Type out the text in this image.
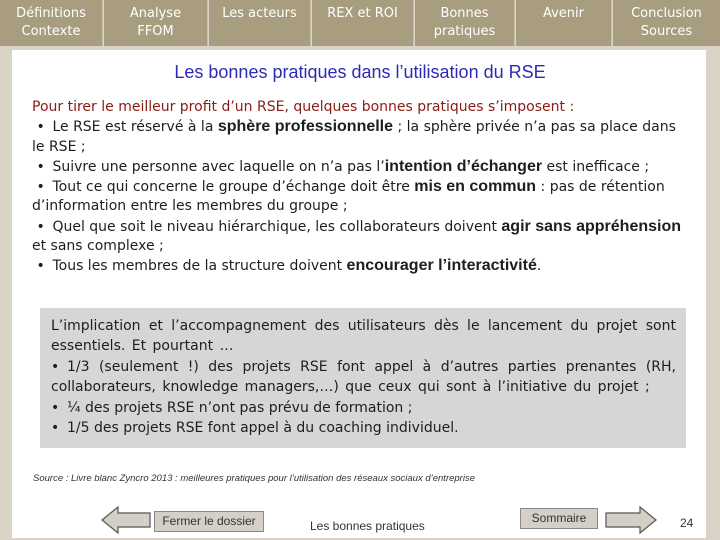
Définitions
Contexte
Analyse
FFOM
Les acteurs	REX et ROI	Bonnes
pratiques
Avenir	Conclusion
Sources
Les bonnes pratiques dans l’utilisation du RSE
Pour tirer le meilleur profit d’un RSE, quelques bonnes pratiques s’imposent :
• Le RSE est réservé à la sphère professionnelle ; la sphère privée n’a pas sa place dans le RSE ;
• Suivre une personne avec laquelle on n’a pas l’intention d’échanger est inefficace ;
• Tout ce qui concerne le groupe d’échange doit être mis en commun : pas de rétention d’information entre les membres du groupe ;
• Quel que soit le niveau hiérarchique, les collaborateurs doivent agir sans appréhension et sans complexe ;
• Tous les membres de la structure doivent encourager l’interactivité.
L’implication et l’accompagnement des utilisateurs dès le lancement du projet sont essentiels. Et pourtant …
• 1/3 (seulement !) des projets RSE font appel à d’autres parties prenantes (RH, collaborateurs, knowledge managers,…) que ceux qui sont à l’initiative du projet ;
• ¼ des projets RSE n’ont pas prévu de formation ;
• 1/5 des projets RSE font appel à du coaching individuel.
Source : Livre blanc Zyncro 2013 : meilleures pratiques pour l’utilisation des réseaux sociaux d’entreprise
Fermer le dossier	Les bonnes pratiques
Sommaire	24
